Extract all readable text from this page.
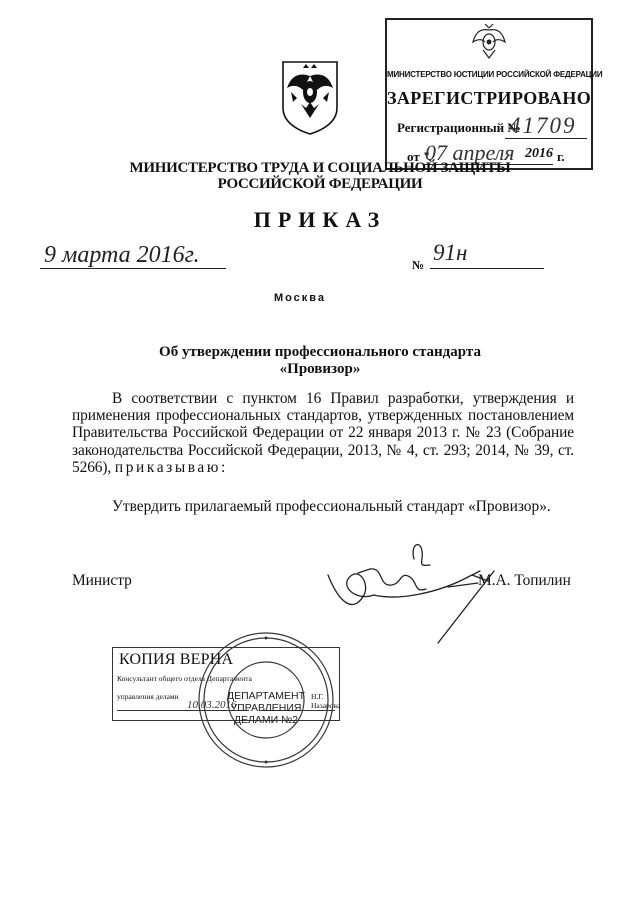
МИНИСТЕРСТВО ЮСТИЦИИ РОССИЙСКОЙ ФЕДЕРАЦИИ
ЗАРЕГИСТРИРОВАНО
Регистрационный №
41709
от "
07 апреля 2016 г.
МИНИСТЕРСТВО ТРУДА И СОЦИАЛЬНОЙ ЗАЩИТЫ
РОССИЙСКОЙ ФЕДЕРАЦИИ
ПРИКАЗ
9 марта 2016г.	№ 91н
Москва
Об утверждении профессионального стандарта
«Провизор»
В соответствии с пунктом 16 Правил разработки, утверждения и применения профессиональных стандартов, утвержденных постановлением Правительства Российской Федерации от 22 января 2013 г. № 23 (Собрание законодательства Российской Федерации, 2013, № 4, ст. 293; 2014, № 39, ст. 5266), приказываю:
Утвердить прилагаемый профессиональный стандарт «Провизор».
Министр	М.А. Топилин
КОПИЯ ВЕРНА
Консультант общего отдела Департамента
управления делами	Н.Г. Назарова
10.03.2016
ДЕПАРТАМЕНТ УПРАВЛЕНИЯ ДЕЛАМИ №2
